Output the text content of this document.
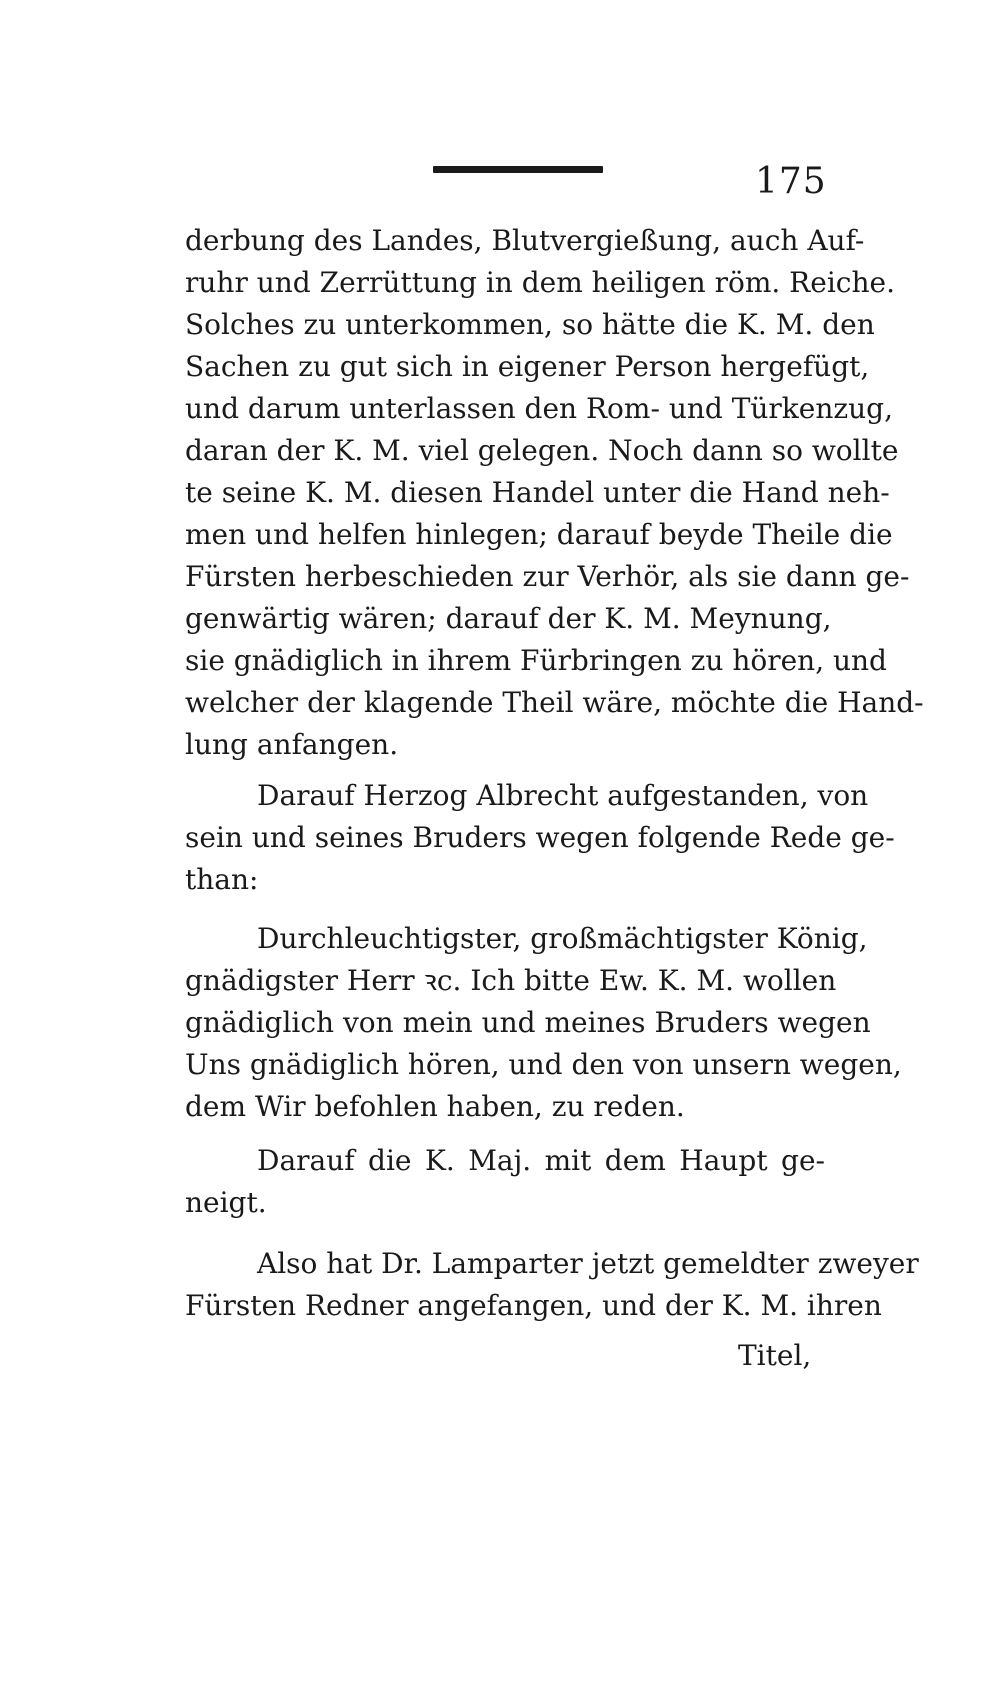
175
derbung des Landes, Blutvergießung, auch Auf-
ruhr und Zerrüttung in dem heiligen röm. Reiche.
Solches zu unterkommen, so hätte die K. M. den
Sachen zu gut sich in eigener Person hergefügt,
und darum unterlassen den Rom- und Türkenzug,
daran der K. M. viel gelegen. Noch dann so wollte
te seine K. M. diesen Handel unter die Hand neh-
men und helfen hinlegen; darauf beyde Theile die
Fürsten herbeschieden zur Verhör, als sie dann ge-
genwärtig wären; darauf der K. M. Meynung,
sie gnädiglich in ihrem Fürbringen zu hören, und
welcher der klagende Theil wäre, möchte die Hand-
lung anfangen.
Darauf Herzog Albrecht aufgestanden, von
sein und seines Bruders wegen folgende Rede ge-
than:
Durchleuchtigster, großmächtigster König,
gnädigster Herr ꝛc. Ich bitte Ew. K. M. wollen
gnädiglich von mein und meines Bruders wegen
Uns gnädiglich hören, und den von unsern wegen,
dem Wir befohlen haben, zu reden.
Darauf die K. Maj. mit dem Haupt ge-
neigt.
Also hat Dr. Lamparter jetzt gemeldter zweyer
Fürsten Redner angefangen, und der K. M. ihren
Titel,
